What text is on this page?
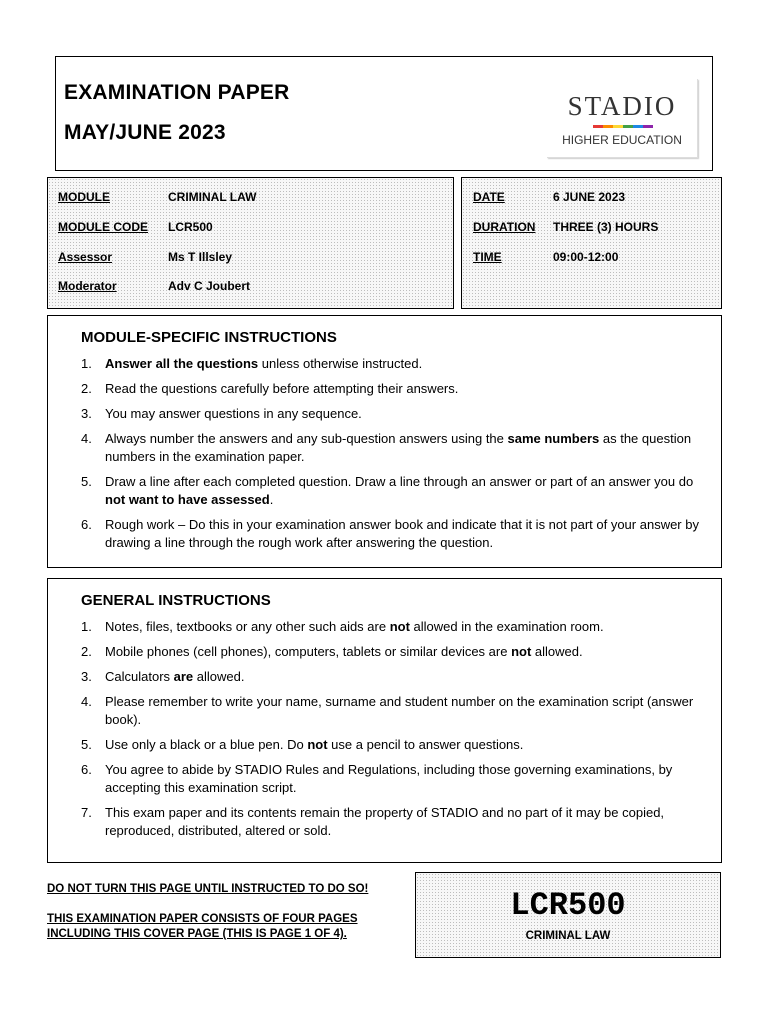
EXAMINATION PAPER
MAY/JUNE 2023
STADIO
HIGHER EDUCATION
MODULE	CRIMINAL LAW
MODULE CODE LCR500
Assessor	Ms T Illsley
Moderator	Adv C Joubert
DATE	6 JUNE 2023
DURATION THREE (3) HOURS
TIME	09:00-12:00
MODULE-SPECIFIC INSTRUCTIONS
1. Answer all the questions unless otherwise instructed.
2. Read the questions carefully before attempting their answers.
3. You may answer questions in any sequence.
4. Always number the answers and any sub-question answers using the same numbers as the question numbers in the examination paper.
5. Draw a line after each completed question. Draw a line through an answer or part of an answer you do not want to have assessed.
6. Rough work – Do this in your examination answer book and indicate that it is not part of your answer by drawing a line through the rough work after answering the question.
GENERAL INSTRUCTIONS
1. Notes, files, textbooks or any other such aids are not allowed in the examination room.
2. Mobile phones (cell phones), computers, tablets or similar devices are not allowed.
3. Calculators are allowed.
4. Please remember to write your name, surname and student number on the examination script (answer book).
5. Use only a black or a blue pen. Do not use a pencil to answer questions.
6. You agree to abide by STADIO Rules and Regulations, including those governing examinations, by accepting this examination script.
7. This exam paper and its contents remain the property of STADIO and no part of it may be copied, reproduced, distributed, altered or sold.
DO NOT TURN THIS PAGE UNTIL INSTRUCTED TO DO SO!
THIS EXAMINATION PAPER CONSISTS OF FOUR PAGES
INCLUDING THIS COVER PAGE (THIS IS PAGE 1 OF 4).
LCR500
CRIMINAL LAW
